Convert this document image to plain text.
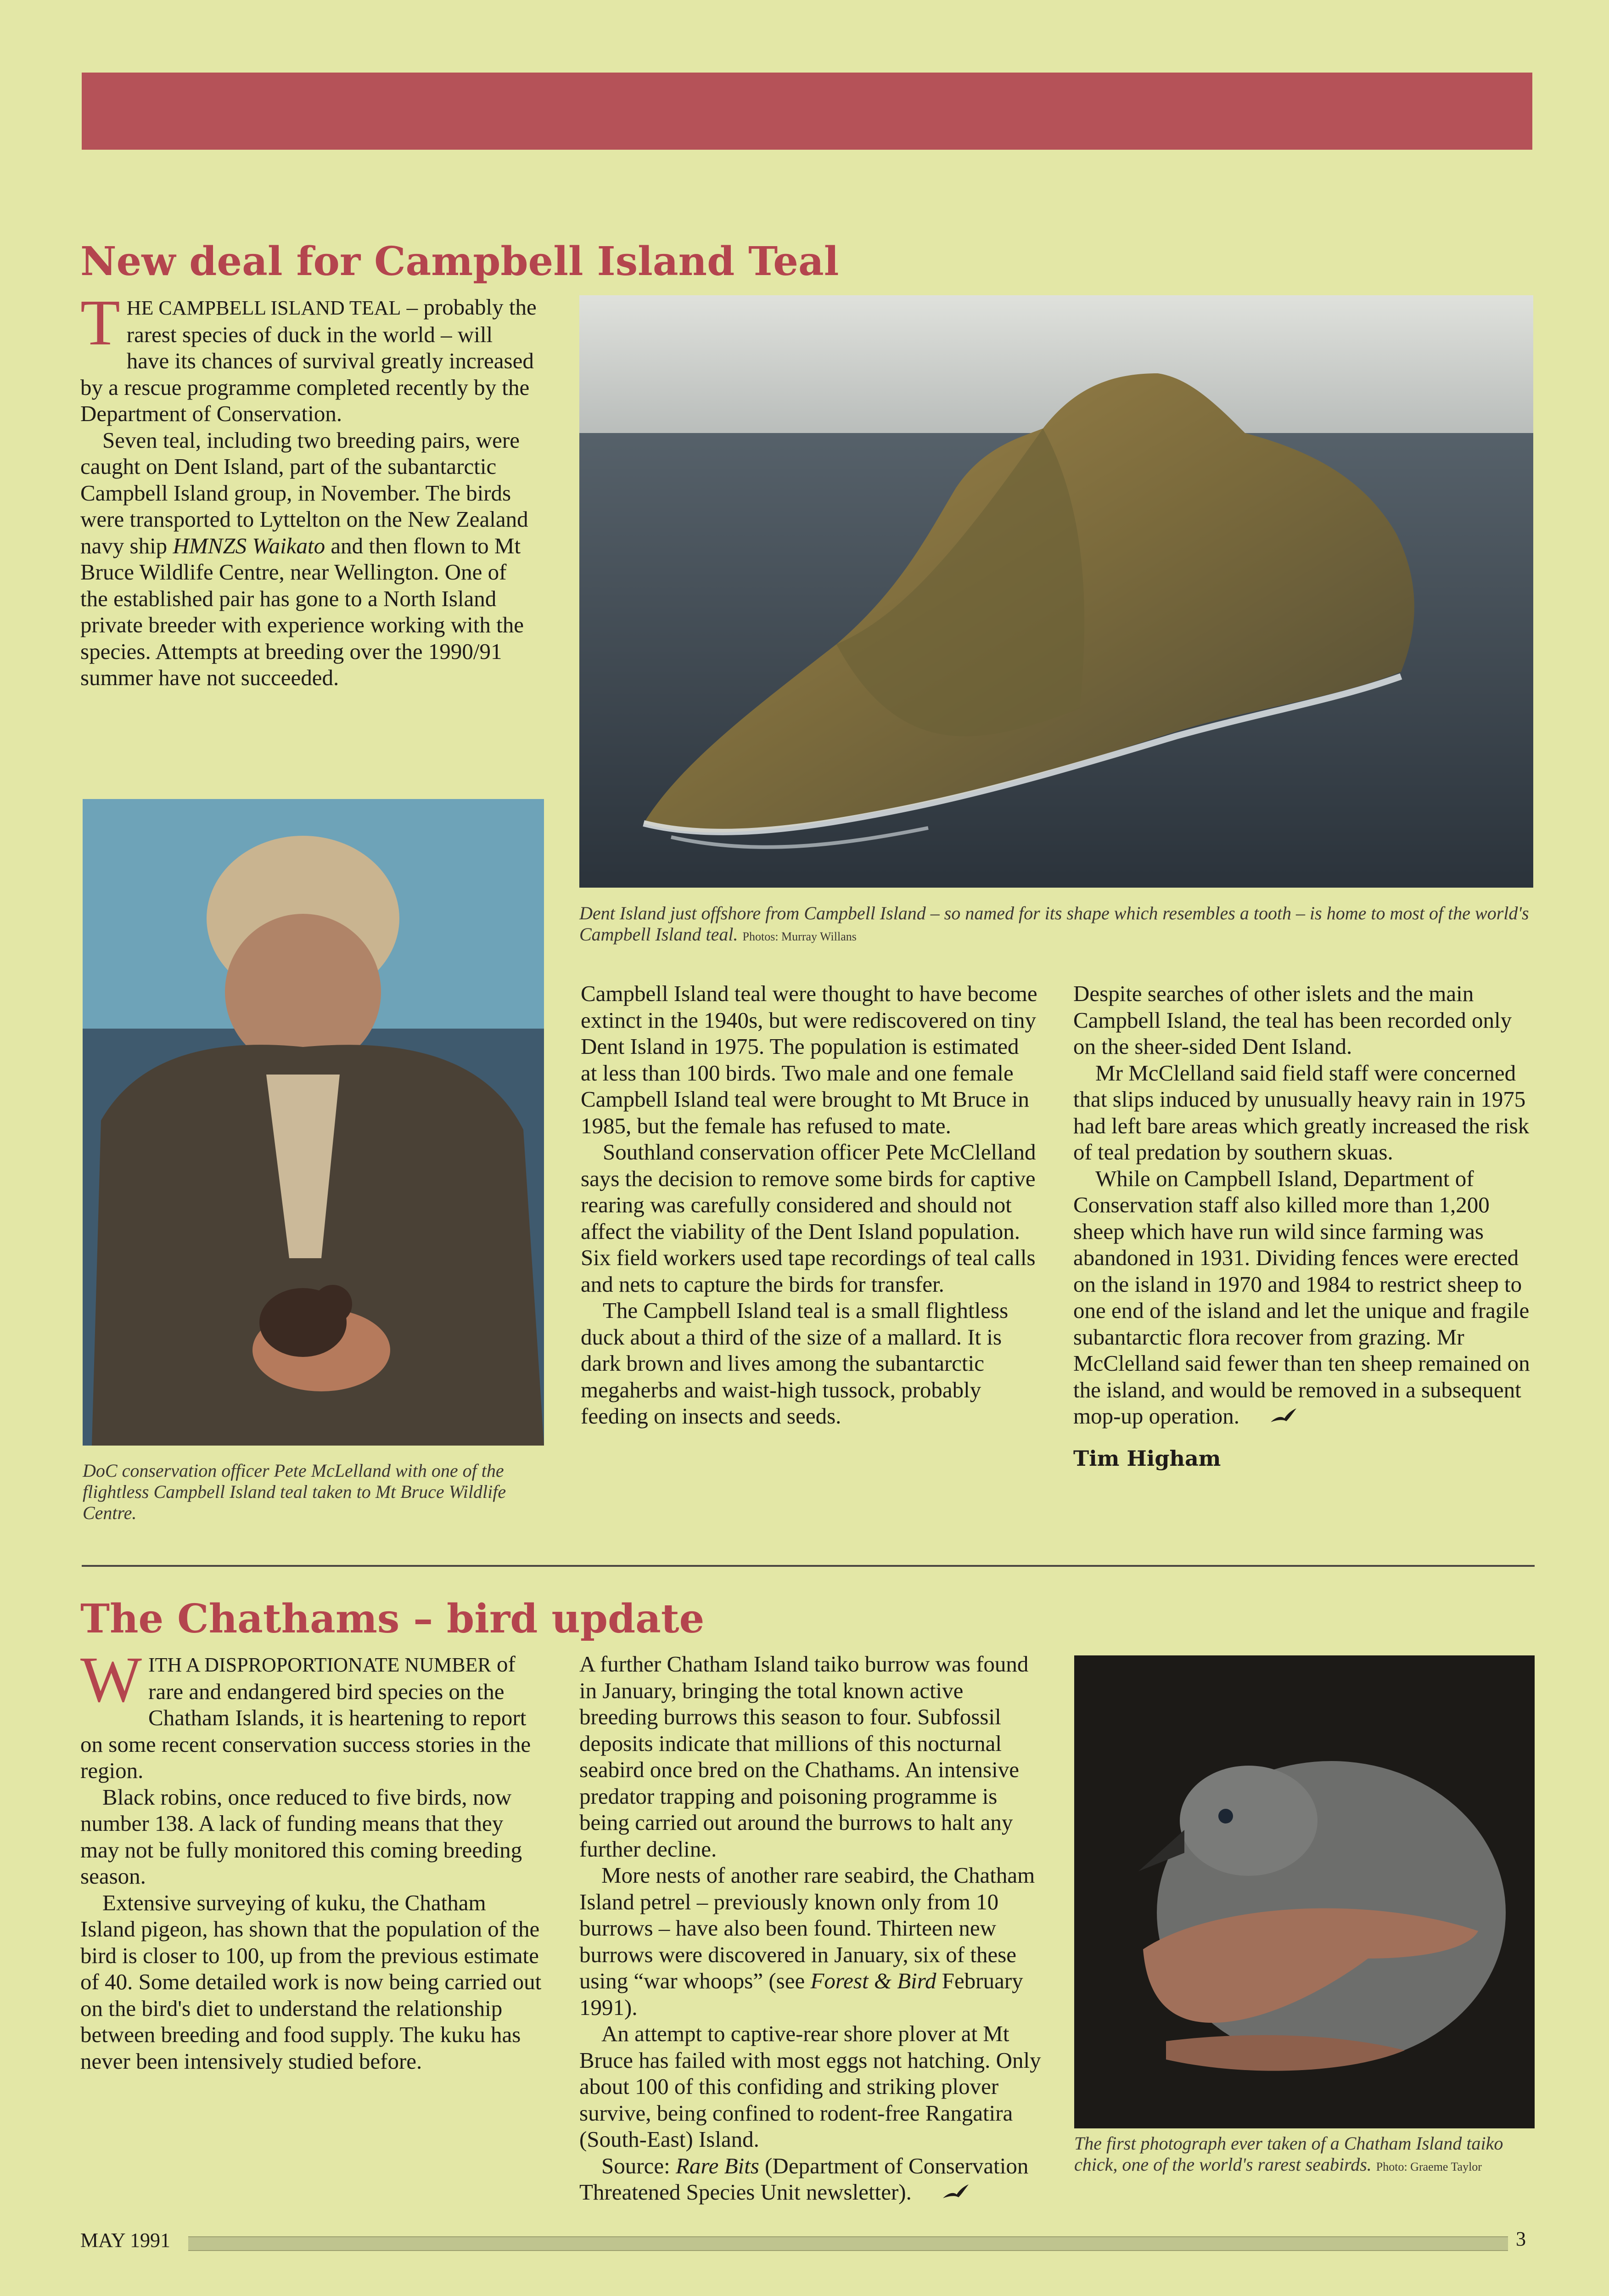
New deal for Campbell Island Teal

THE CAMPBELL ISLAND TEAL – probably the rarest species of duck in the world – will have its chances of survival greatly increased by a rescue programme completed recently by the Department of Conservation.

Seven teal, including two breeding pairs, were caught on Dent Island, part of the subantarctic Campbell Island group, in November. The birds were transported to Lyttelton on the New Zealand navy ship HMNZS Waikato and then flown to Mt Bruce Wildlife Centre, near Wellington. One of the established pair has gone to a North Island private breeder with experience working with the species. Attempts at breeding over the 1990/91 summer have not succeeded.

Dent Island just offshore from Campbell Island – so named for its shape which resembles a tooth – is home to most of the world's Campbell Island teal. Photos: Murray Willans
DoC conservation officer Pete McLelland with one of the flightless Campbell Island teal taken to Mt Bruce Wildlife Centre.

Campbell Island teal were thought to have become extinct in the 1940s, but were rediscovered on tiny Dent Island in 1975. The population is estimated at less than 100 birds. Two male and one female Campbell Island teal were brought to Mt Bruce in 1985, but the female has refused to mate.

Southland conservation officer Pete McClelland says the decision to remove some birds for captive rearing was carefully considered and should not affect the viability of the Dent Island population. Six field workers used tape recordings of teal calls and nets to capture the birds for transfer.

The Campbell Island teal is a small flightless duck about a third of the size of a mallard. It is dark brown and lives among the subantarctic megaherbs and waist-high tussock, probably feeding on insects and seeds.

Despite searches of other islets and the main Campbell Island, the teal has been recorded only on the sheer-sided Dent Island.

Mr McClelland said field staff were concerned that slips induced by unusually heavy rain in 1975 had left bare areas which greatly increased the risk of teal predation by southern skuas.

While on Campbell Island, Department of Conservation staff also killed more than 1,200 sheep which have run wild since farming was abandoned in 1931. Dividing fences were erected on the island in 1970 and 1984 to restrict sheep to one end of the island and let the unique and fragile subantarctic flora recover from grazing. Mr McClelland said fewer than ten sheep remained on the island, and would be removed in a subsequent mop-up operation.

Tim Higham
The Chathams – bird update

WITH A DISPROPORTIONATE NUMBER of rare and endangered bird species on the Chatham Islands, it is heartening to report on some recent conservation success stories in the region.

Black robins, once reduced to five birds, now number 138. A lack of funding means that they may not be fully monitored this coming breeding season.

Extensive surveying of kuku, the Chatham Island pigeon, has shown that the population of the bird is closer to 100, up from the previous estimate of 40. Some detailed work is now being carried out on the bird's diet to understand the relationship between breeding and food supply. The kuku has never been intensively studied before.

A further Chatham Island taiko burrow was found in January, bringing the total known active breeding burrows this season to four. Subfossil deposits indicate that millions of this nocturnal seabird once bred on the Chathams. An intensive predator trapping and poisoning programme is being carried out around the burrows to halt any further decline.

More nests of another rare seabird, the Chatham Island petrel – previously known only from 10 burrows – have also been found. Thirteen new burrows were discovered in January, six of these using “war whoops” (see Forest & Bird February 1991).

An attempt to captive-rear shore plover at Mt Bruce has failed with most eggs not hatching. Only about 100 of this confiding and striking plover survive, being confined to rodent-free Rangatira (South-East) Island.

Source: Rare Bits (Department of Conservation Threatened Species Unit newsletter).

The first photograph ever taken of a Chatham Island taiko chick, one of the world's rarest seabirds. Photo: Graeme Taylor
MAY 1991	3
